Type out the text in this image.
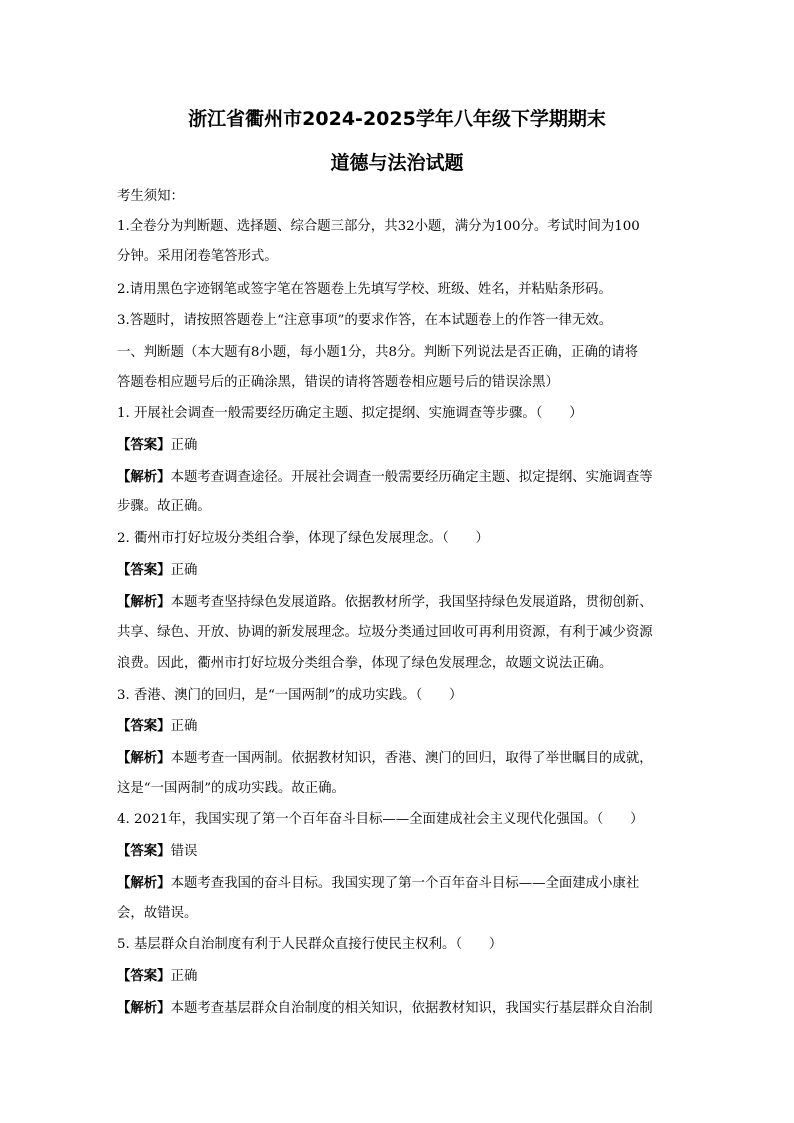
浙江省衢州市2024-2025学年八年级下学期期末
道德与法治试题

考生须知：

1.全卷分为判断题、选择题、综合题三部分，共32小题，满分为100分。考试时间为100

分钟。采用闭卷笔答形式。

2.请用黑色字迹钢笔或签字笔在答题卷上先填写学校、班级、姓名，并粘贴条形码。

3.答题时，请按照答题卷上“注意事项”的要求作答，在本试题卷上的作答一律无效。

一、判断题（本大题有8小题，每小题1分，共8分。判断下列说法是否正确，正确的请将

答题卷相应题号后的正确涂黑，错误的请将答题卷相应题号后的错误涂黑）

1. 开展社会调查一般需要经历确定主题、拟定提纲、实施调查等步骤。（　　）

【答案】正确

【解析】本题考查调查途径。开展社会调查一般需要经历确定主题、拟定提纲、实施调查等

步骤。故正确。

2. 衢州市打好垃圾分类组合拳，体现了绿色发展理念。（　　）

【答案】正确

【解析】本题考查坚持绿色发展道路。依据教材所学，我国坚持绿色发展道路，贯彻创新、

共享、绿色、开放、协调的新发展理念。垃圾分类通过回收可再利用资源，有利于减少资源

浪费。因此，衢州市打好垃圾分类组合拳，体现了绿色发展理念，故题文说法正确。

3. 香港、澳门的回归，是“一国两制”的成功实践。（　　）

【答案】正确

【解析】本题考查一国两制。依据教材知识，香港、澳门的回归，取得了举世瞩目的成就，

这是“一国两制”的成功实践。故正确。

4. 2021年，我国实现了第一个百年奋斗目标——全面建成社会主义现代化强国。（　　）

【答案】错误

【解析】本题考查我国的奋斗目标。我国实现了第一个百年奋斗目标——全面建成小康社

会，故错误。

5. 基层群众自治制度有利于人民群众直接行使民主权利。（　　）

【答案】正确

【解析】本题考查基层群众自治制度的相关知识，依据教材知识，我国实行基层群众自治制
